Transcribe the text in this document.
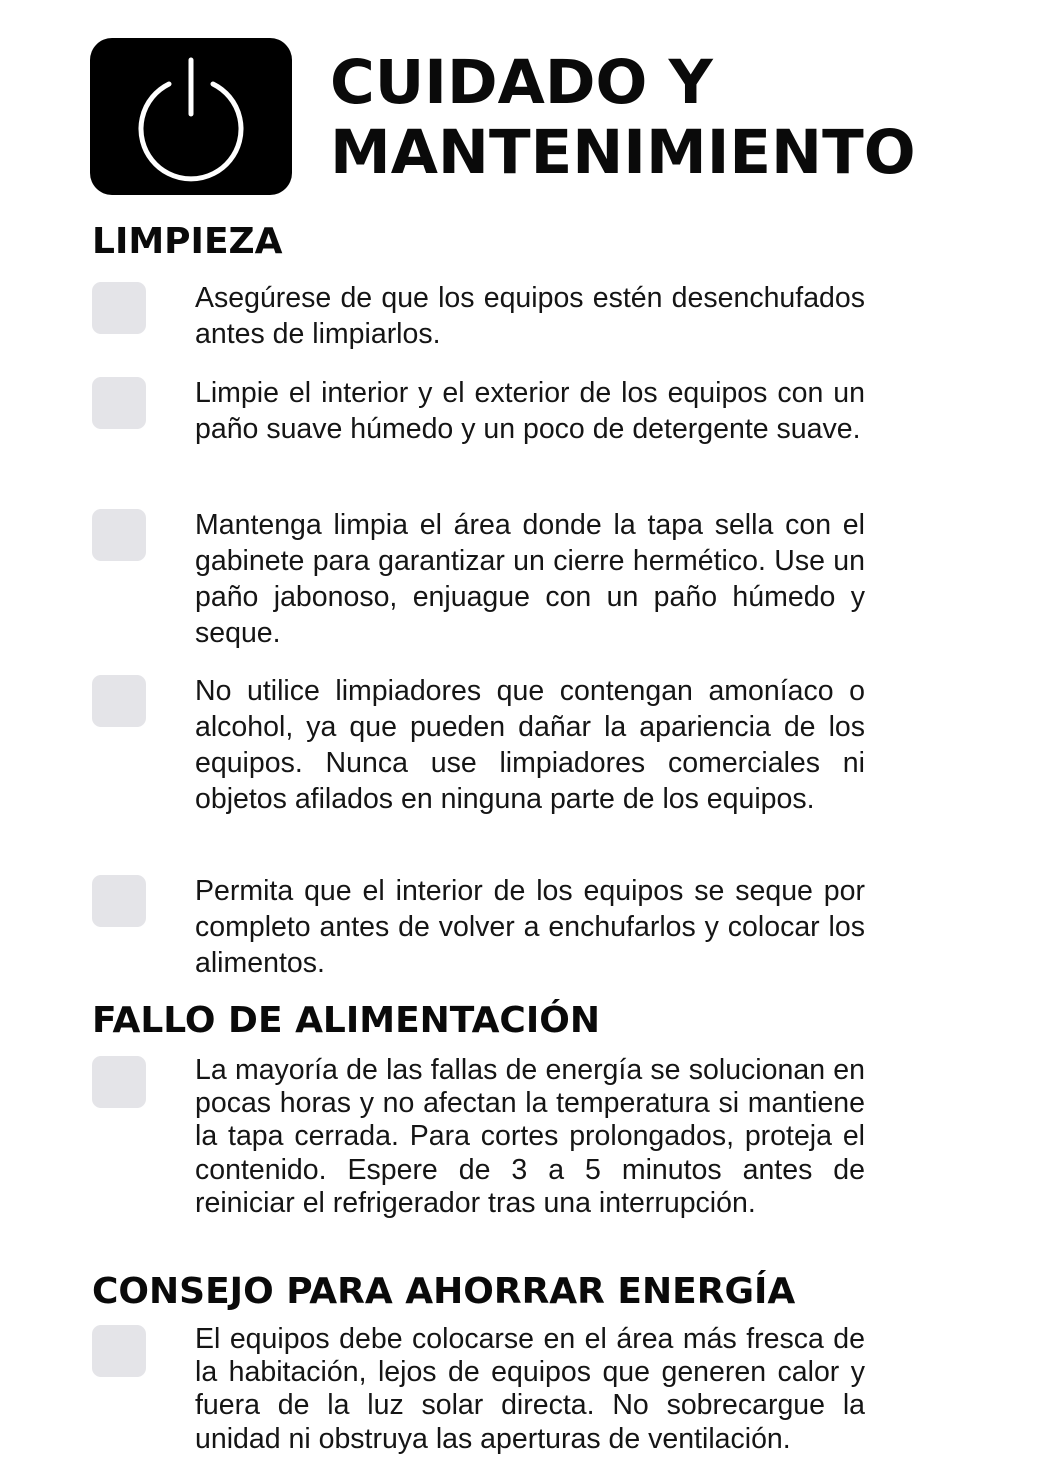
CUIDADO Y
MANTENIMIENTO
LIMPIEZA

Asegúrese de que los equipos estén desenchufados antes de limpiarlos.

Limpie el interior y el exterior de los equipos con un paño suave húmedo y un poco de detergente suave.

Mantenga limpia el área donde la tapa sella con el gabinete para garantizar un cierre hermético. Use un paño jabonoso, enjuague con un paño húmedo y seque.

No utilice limpiadores que contengan amoníaco o alcohol, ya que pueden dañar la apariencia de los equipos. Nunca use limpiadores comerciales ni objetos afilados en ninguna parte de los equipos.

Permita que el interior de los equipos se seque por completo antes de volver a enchufarlos y colocar los alimentos.

FALLO DE ALIMENTACIÓN

La mayoría de las fallas de energía se solucionan en pocas horas y no afectan la temperatura si mantiene la tapa cerrada. Para cortes prolongados, proteja el contenido. Espere de 3 a 5 minutos antes de reiniciar el refrigerador tras una interrupción.

CONSEJO PARA AHORRAR ENERGÍA

El equipos debe colocarse en el área más fresca de la habitación, lejos de equipos que generen calor y fuera de la luz solar directa. No sobrecargue la unidad ni obstruya las aperturas de ventilación.
